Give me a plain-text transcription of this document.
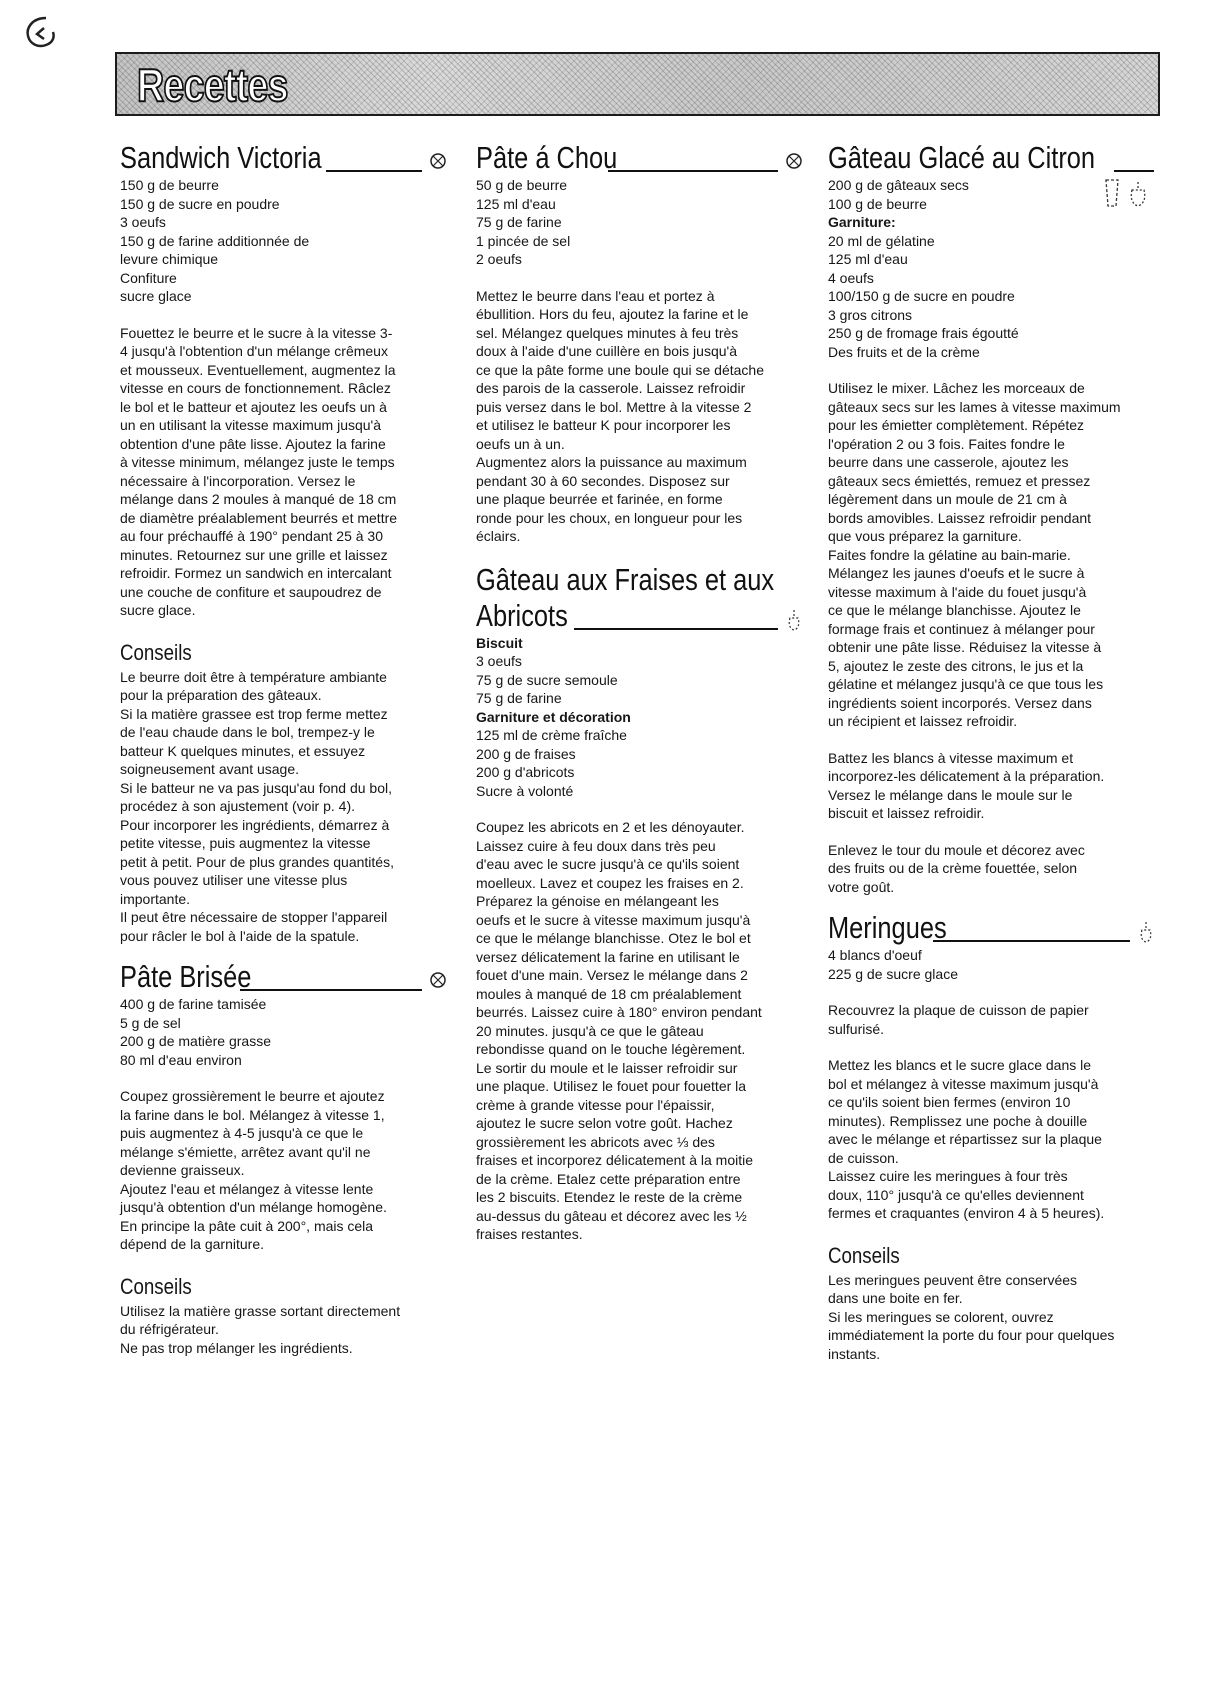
Recettes
Sandwich Victoria
150 g de beurre
150 g de sucre en poudre
3 oeufs
150 g de farine additionnée de
levure chimique
Confiture
sucre glace

Fouettez le beurre et le sucre à la vitesse 3-
4 jusqu'à l'obtention d'un mélange crêmeux
et mousseux. Eventuellement, augmentez la
vitesse en cours de fonctionnement. Râclez
le bol et le batteur et ajoutez les oeufs un à
un en utilisant la vitesse maximum jusqu'à
obtention d'une pâte lisse. Ajoutez la farine
à vitesse minimum, mélangez juste le temps
nécessaire à l'incorporation. Versez le
mélange dans 2 moules à manqué de 18 cm
de diamètre préalablement beurrés et mettre
au four préchauffé à 190° pendant 25 à 30
minutes. Retournez sur une grille et laissez
refroidir. Formez un sandwich en intercalant
une couche de confiture et saupoudrez de
sucre glace.

Conseils

Le beurre doit être à température ambiante
pour la préparation des gâteaux.
Si la matière grassee est trop ferme mettez
de l'eau chaude dans le bol, trempez-y le
batteur K quelques minutes, et essuyez
soigneusement avant usage.
Si le batteur ne va pas jusqu'au fond du bol,
procédez à son ajustement (voir p. 4).
Pour incorporer les ingrédients, démarrez à
petite vitesse, puis augmentez la vitesse
petit à petit. Pour de plus grandes quantités,
vous pouvez utiliser une vitesse plus
importante.
Il peut être nécessaire de stopper l'appareil
pour râcler le bol à l'aide de la spatule.

Pâte Brisée
400 g de farine tamisée
5 g de sel
200 g de matière grasse
80 ml d'eau environ

Coupez grossièrement le beurre et ajoutez
la farine dans le bol. Mélangez à vitesse 1,
puis augmentez à 4-5 jusqu'à ce que le
mélange s'émiette, arrêtez avant qu'il ne
devienne graisseux.
Ajoutez l'eau et mélangez à vitesse lente
jusqu'à obtention d'un mélange homogène.
En principe la pâte cuit à 200°, mais cela
dépend de la garniture.

Conseils

Utilisez la matière grasse sortant directement
du réfrigérateur.
Ne pas trop mélanger les ingrédients.

Pâte á Chou
50 g de beurre
125 ml d'eau
75 g de farine
1 pincée de sel
2 oeufs

Mettez le beurre dans l'eau et portez à
ébullition. Hors du feu, ajoutez la farine et le
sel. Mélangez quelques minutes à feu très
doux à l'aide d'une cuillère en bois jusqu'à
ce que la pâte forme une boule qui se détache
des parois de la casserole. Laissez refroidir
puis versez dans le bol. Mettre à la vitesse 2
et utilisez le batteur K pour incorporer les
oeufs un à un.
Augmentez alors la puissance au maximum
pendant 30 à 60 secondes. Disposez sur
une plaque beurrée et farinée, en forme
ronde pour les choux, en longueur pour les
éclairs.

Gâteau aux Fraises et aux
Abricots
Biscuit
3 oeufs
75 g de sucre semoule
75 g de farine
Garniture et décoration
125 ml de crème fraîche
200 g de fraises
200 g d'abricots
Sucre à volonté

Coupez les abricots en 2 et les dénoyauter.
Laissez cuire à feu doux dans très peu
d'eau avec le sucre jusqu'à ce qu'ils soient
moelleux. Lavez et coupez les fraises en 2.
Préparez la génoise en mélangeant les
oeufs et le sucre à vitesse maximum jusqu'à
ce que le mélange blanchisse. Otez le bol et
versez délicatement la farine en utilisant le
fouet d'une main. Versez le mélange dans 2
moules à manqué de 18 cm préalablement
beurrés. Laissez cuire à 180° environ pendant
20 minutes. jusqu'à ce que le gâteau
rebondisse quand on le touche légèrement.
Le sortir du moule et le laisser refroidir sur
une plaque. Utilisez le fouet pour fouetter la
crème à grande vitesse pour l'épaissir,
ajoutez le sucre selon votre goût. Hachez
grossièrement les abricots avec ⅓ des
fraises et incorporez délicatement à la moitie
de la crème. Etalez cette préparation entre
les 2 biscuits. Etendez le reste de la crème
au-dessus du gâteau et décorez avec les ½
fraises restantes.

Gâteau Glacé au Citron
200 g de gâteaux secs
100 g de beurre
Garniture:
20 ml de gélatine
125 ml d'eau
4 oeufs
100/150 g de sucre en poudre
3 gros citrons
250 g de fromage frais égoutté
Des fruits et de la crème

Utilisez le mixer. Lâchez les morceaux de
gâteaux secs sur les lames à vitesse maximum
pour les émietter complètement. Répétez
l'opération 2 ou 3 fois. Faites fondre le
beurre dans une casserole, ajoutez les
gâteaux secs émiettés, remuez et pressez
légèrement dans un moule de 21 cm à
bords amovibles. Laissez refroidir pendant
que vous préparez la garniture.
Faites fondre la gélatine au bain-marie.
Mélangez les jaunes d'oeufs et le sucre à
vitesse maximum à l'aide du fouet jusqu'à
ce que le mélange blanchisse. Ajoutez le
formage frais et continuez à mélanger pour
obtenir une pâte lisse. Réduisez la vitesse à
5, ajoutez le zeste des citrons, le jus et la
gélatine et mélangez jusqu'à ce que tous les
ingrédients soient incorporés. Versez dans
un récipient et laissez refroidir.

Battez les blancs à vitesse maximum et
incorporez-les délicatement à la préparation.
Versez le mélange dans le moule sur le
biscuit et laissez refroidir.

Enlevez le tour du moule et décorez avec
des fruits ou de la crème fouettée, selon
votre goût.

Meringues
4 blancs d'oeuf
225 g de sucre glace

Recouvrez la plaque de cuisson de papier
sulfurisé.

Mettez les blancs et le sucre glace dans le
bol et mélangez à vitesse maximum jusqu'à
ce qu'ils soient bien fermes (environ 10
minutes). Remplissez une poche à douille
avec le mélange et répartissez sur la plaque
de cuisson.
Laissez cuire les meringues à four très
doux, 110° jusqu'à ce qu'elles deviennent
fermes et craquantes (environ 4 à 5 heures).

Conseils

Les meringues peuvent être conservées
dans une boite en fer.
Si les meringues se colorent, ouvrez
immédiatement la porte du four pour quelques
instants.
